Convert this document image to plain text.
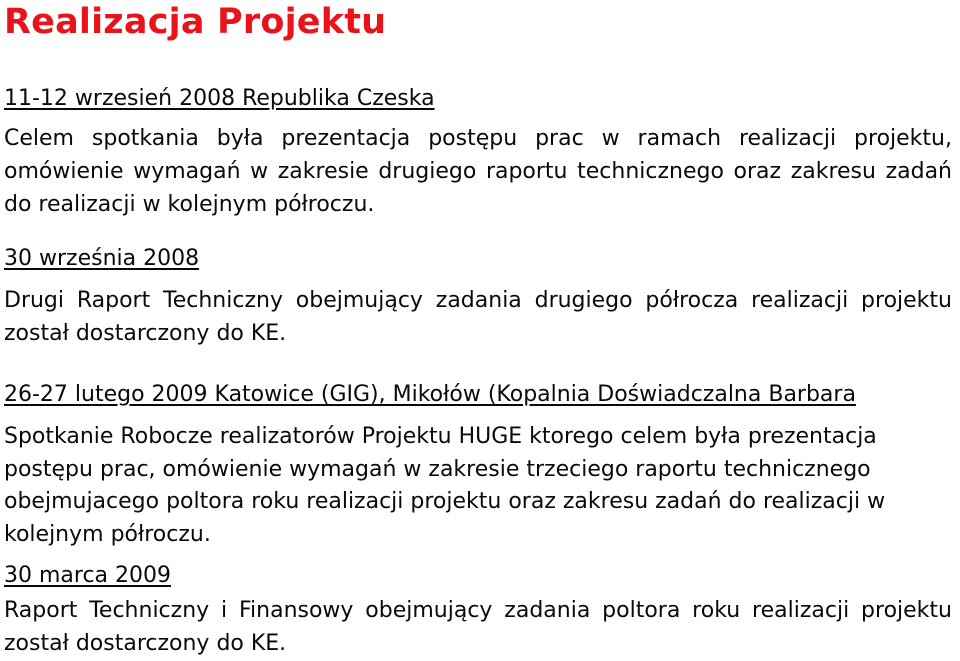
Realizacja Projektu
11-12 wrzesień 2008 Republika Czeska
Celem spotkania była prezentacja postępu prac w ramach realizacji projektu, omówienie wymagań w zakresie drugiego raportu technicznego oraz zakresu zadań do realizacji w kolejnym półroczu.
30 września 2008
Drugi Raport Techniczny obejmujący zadania drugiego półrocza realizacji projektu został dostarczony do KE.
26-27 lutego 2009 Katowice (GIG), Mikołów (Kopalnia Doświadczalna Barbara
Spotkanie Robocze realizatorów Projektu HUGE ktorego celem była prezentacja postępu prac, omówienie wymagań w zakresie trzeciego raportu technicznego obejmujacego poltora roku realizacji projektu oraz zakresu zadań do realizacji w kolejnym półroczu.
30 marca 2009
Raport Techniczny i Finansowy obejmujący zadania poltora roku realizacji projektu został dostarczony do KE.
